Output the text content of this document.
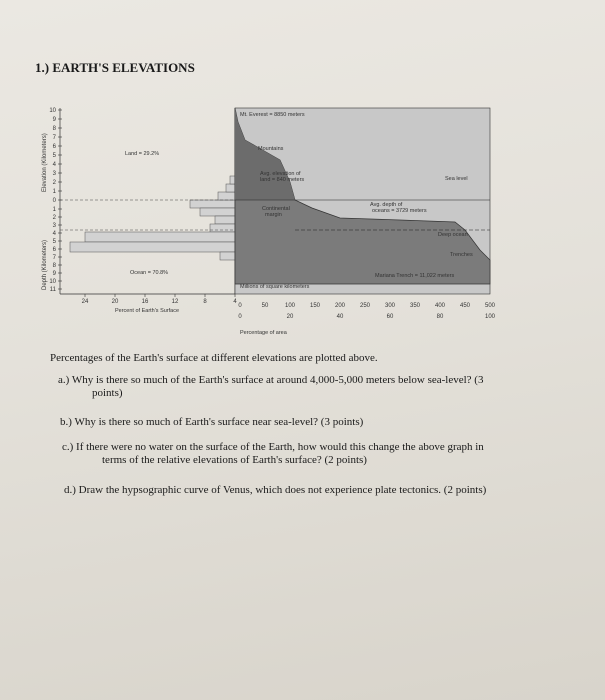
1.) EARTH'S ELEVATIONS
Elevation (Kilometers)
Depth (Kilometers)
10
9
8
7
6
5
4
3
2
1
0
1
2
3
4
5
6
7
8
9
10
11
Land = 29.2%
Ocean = 70.8%
24	20	16	12	8	4
Percent of Earth's Surface
Mt. Everest = 8850 meters
Mountains
Avg. elevation of
land = 840 meters	Sea level
Continental
margin
Avg. depth of
oceans = 3729 meters
Deep ocean
Trenches
Mariana Trench = 11,022 meters
Millions of square kilometers
0	50	100 150 200 250 300 350 400 450 500
0	20	40	60	80	100
Percentage of area
Percentages of the Earth's surface at different elevations are plotted above.
a.) Why is there so much of the Earth's surface at around 4,000-5,000 meters below sea-level? (3
points)
b.) Why is there so much of Earth's surface near sea-level? (3 points)
c.) If there were no water on the surface of the Earth, how would this change the above graph in
terms of the relative elevations of Earth's surface? (2 points)
d.) Draw the hypsographic curve of Venus, which does not experience plate tectonics. (2 points)
